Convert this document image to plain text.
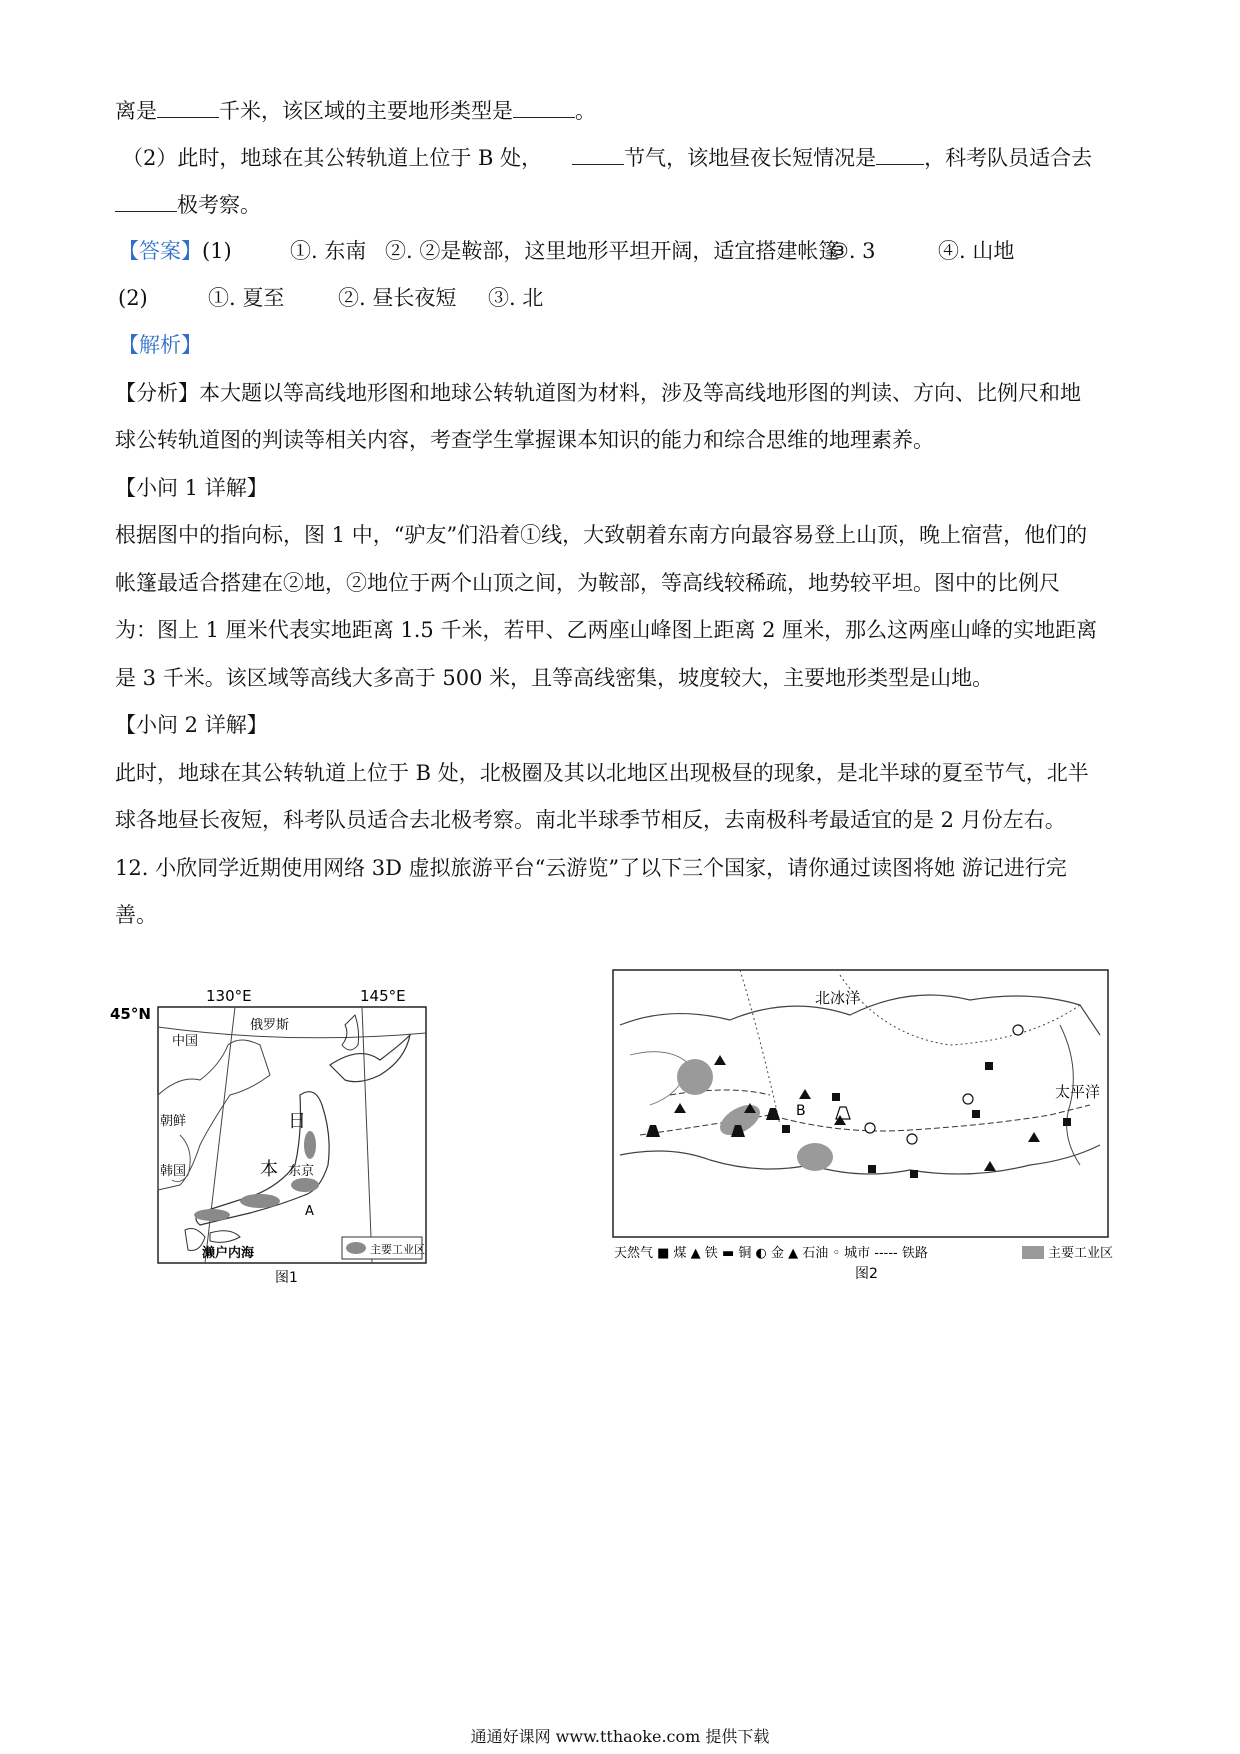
离是	千米，该区域的主要地形类型是	。
（2）此时，地球在其公转轨道上位于 B 处，	节气，该地昼夜长短情况是 ，科考队员适合去
极考察。
【答案】(1)	①. 东南 ②. ②是鞍部，这里地形平坦开阔，适宜搭建帐篷
③. 3	④. 山地
(2)	①. 夏至	②. 昼长夜短 ③. 北
【解析】
【分析】本大题以等高线地形图和地球公转轨道图为材料，涉及等高线地形图的判读、方向、比例尺和地
球公转轨道图的判读等相关内容，考查学生掌握课本知识的能力和综合思维的地理素养。
【小问 1 详解】
根据图中的指向标，图 1 中，“驴友”们沿着①线，大致朝着东南方向最容易登上山顶，晚上宿营，他们的
帐篷最适合搭建在②地，②地位于两个山顶之间，为鞍部，等高线较稀疏，地势较平坦。图中的比例尺
为：图上 1 厘米代表实地距离 1.5 千米，若甲、乙两座山峰图上距离 2 厘米，那么这两座山峰的实地距离
是 3 千米。该区域等高线大多高于 500 米，且等高线密集，坡度较大，主要地形类型是山地。
【小问 2 详解】
此时，地球在其公转轨道上位于 B 处，北极圈及其以北地区出现极昼的现象，是北半球的夏至节气，北半
球各地昼长夜短，科考队员适合去北极考察。南北半球季节相反，去南极科考最适宜的是 2 月份左右。
12. 小欣同学近期使用网络 3D 虚拟旅游平台“云游览”了以下三个国家，请你通过读图将她 游记进行完
善。
130°E	145°E
45°N
俄罗斯
中国
朝鲜
韩国
日
本 东京
A
濑户内海	主要工业区
图1
北冰洋
太平洋
B
天然气 ■ 煤 ▲ 铁 ▬ 铜 ◐ 金 ▲ 石油 ◦ 城市 ----- 铁路	主要工业区
图2
通通好课网 www.tthaoke.com 提供下载
